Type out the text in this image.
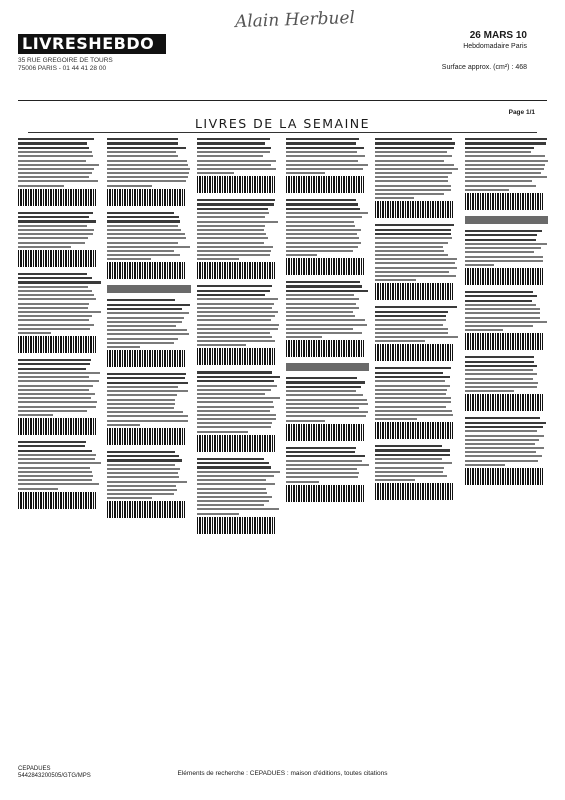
LIVRESHEBDO
35 RUE GREGOIRE DE TOURS
75006 PARIS - 01 44 41 28 00
Alain Herbuel
26 MARS 10
Hebdomadaire Paris
Surface approx. (cm²) : 468
Page 1/1
LIVRES DE LA SEMAINE
CEPADUES
5442843200505/GTG/MPS	Eléments de recherche : CEPADUES : maison d'éditions, toutes citations
